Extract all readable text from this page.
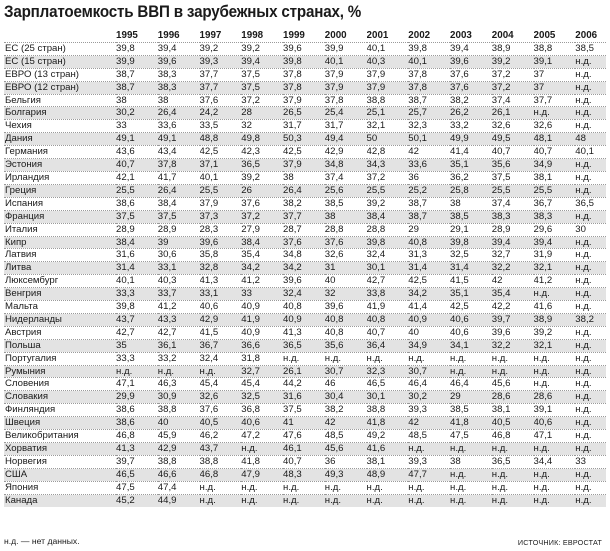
Зарплатоемкость ВВП в зарубежных странах, %
	1995	1996	1997	1998	1999	2000	2001	2002	2003	2004	2005	2006
ЕС (25 стран)	39,8	39,4	39,2	39,2	39,6	39,9	40,1	39,8	39,4	38,9	38,8	38,5
ЕС (15 стран)	39,9	39,6	39,3	39,4	39,8	40,1	40,3	40,1	39,6	39,2	39,1	н.д.
ЕВРО (13 стран)	38,7	38,3	37,7	37,5	37,8	37,9	37,9	37,8	37,6	37,2	37	н.д.
ЕВРО (12 стран)	38,7	38,3	37,7	37,5	37,8	37,9	37,9	37,8	37,6	37,2	37	н.д.
Бельгия	38	38	37,6	37,2	37,9	37,8	38,8	38,7	38,2	37,4	37,7	н.д.
Болгария	30,2	26,4	24,2	28	26,5	25,4	25,1	25,7	26,2	26,1	н.д.	н.д.
Чехия	33	33,6	33,5	32	31,7	31,7	32,1	32,3	33,2	32,6	32,6	н.д.
Дания	49,1	49,1	48,8	49,8	50,3	49,4	50	50,1	49,9	49,5	48,1	48
Германия	43,6	43,4	42,5	42,3	42,5	42,9	42,8	42	41,4	40,7	40,7	40,1
Эстония	40,7	37,8	37,1	36,5	37,9	34,8	34,3	33,6	35,1	35,6	34,9	н.д.
Ирландия	42,1	41,7	40,1	39,2	38	37,4	37,2	36	36,2	37,5	38,1	н.д.
Греция	25,5	26,4	25,5	26	26,4	25,6	25,5	25,2	25,8	25,5	25,5	н.д.
Испания	38,6	38,4	37,9	37,6	38,2	38,5	39,2	38,7	38	37,4	36,7	36,5
Франция	37,5	37,5	37,3	37,2	37,7	38	38,4	38,7	38,5	38,3	38,3	н.д.
Италия	28,9	28,9	28,3	27,9	28,7	28,8	28,8	29	29,1	28,9	29,6	30
Кипр	38,4	39	39,6	38,4	37,6	37,6	39,8	40,8	39,8	39,4	39,4	н.д.
Латвия	31,6	30,6	35,8	35,4	34,8	32,6	32,4	31,3	32,5	32,7	31,9	н.д.
Литва	31,4	33,1	32,8	34,2	34,2	31	30,1	31,4	31,4	32,2	32,1	н.д.
Люксембург	40,1	40,3	41,3	41,2	39,6	40	42,7	42,5	41,5	42	41,2	н.д.
Венгрия	33,3	33,7	33,1	33	32,4	32	33,8	34,2	35,1	35,4	н.д.	н.д.
Мальта	39,8	41,2	40,6	40,9	40,8	39,6	41,9	41,4	42,5	42,2	41,6	н.д.
Нидерланды	43,7	43,3	42,9	41,9	40,9	40,8	40,8	40,9	40,6	39,7	38,9	38,2
Австрия	42,7	42,7	41,5	40,9	41,3	40,8	40,7	40	40,6	39,6	39,2	н.д.
Польша	35	36,1	36,7	36,6	36,5	35,6	36,4	34,9	34,1	32,2	32,1	н.д.
Португалия	33,3	33,2	32,4	31,8	н.д.	н.д.	н.д.	н.д.	н.д.	н.д.	н.д.	н.д.
Румыния	н.д.	н.д.	н.д.	32,7	26,1	30,7	32,3	30,7	н.д.	н.д.	н.д.	н.д.
Словения	47,1	46,3	45,4	45,4	44,2	46	46,5	46,4	46,4	45,6	н.д.	н.д.
Словакия	29,9	30,9	32,6	32,5	31,6	30,4	30,1	30,2	29	28,6	28,6	н.д.
Финляндия	38,6	38,8	37,6	36,8	37,5	38,2	38,8	39,3	38,5	38,1	39,1	н.д.
Швеция	38,6	40	40,5	40,6	41	42	41,8	42	41,8	40,5	40,6	н.д.
Великобритания	46,8	45,9	46,2	47,2	47,6	48,5	49,2	48,5	47,5	46,8	47,1	н.д.
Хорватия	41,3	42,9	43,7	н.д.	46,1	45,6	41,6	н.д.	н.д.	н.д.	н.д.	н.д.
Норвегия	39,7	38,8	38,8	41,8	40,7	36	38,1	39,3	38	36,5	34,4	33
США	46,5	46,6	46,8	47,9	48,3	49,3	48,9	47,7	н.д.	н.д.	н.д.	н.д.
Япония	47,5	47,4	н.д.	н.д.	н.д.	н.д.	н.д.	н.д.	н.д.	н.д.	н.д.	н.д.
Канада	45,2	44,9	н.д.	н.д.	н.д.	н.д.	н.д.	н.д.	н.д.	н.д.	н.д.	н.д.
н.д. — нет данных.	ИСТОЧНИК: ЕВРОСТАТ
